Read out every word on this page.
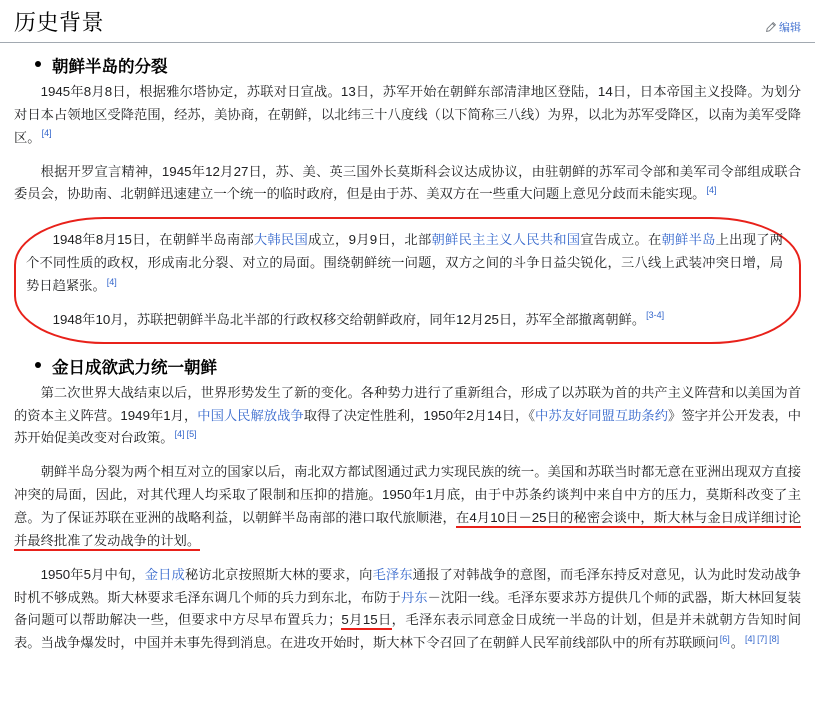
历史背景	编辑
朝鲜半岛的分裂

1945年8月8日，根据雅尔塔协定，苏联对日宣战。13日，苏军开始在朝鲜东部清津地区登陆，14日，日本帝国主义投降。为划分对日本占领地区受降范围，经苏，美协商，在朝鲜，以北纬三十八度线（以下简称三八线）为界，以北为苏军受降区，以南为美军受降区。[4]

根据开罗宣言精神，1945年12月27日，苏、美、英三国外长莫斯科会议达成协议，由驻朝鲜的苏军司令部和美军司令部组成联合委员会，协助南、北朝鲜迅速建立一个统一的临时政府，但是由于苏、美双方在一些重大问题上意见分歧而未能实现。[4]

1948年8月15日，在朝鲜半岛南部大韩民国成立，9月9日，北部朝鲜民主主义人民共和国宣告成立。在朝鲜半岛上出现了两个不同性质的政权，形成南北分裂、对立的局面。围绕朝鲜统一问题，双方之间的斗争日益尖锐化，三八线上武装冲突日增，局势日趋紧张。[4]

1948年10月，苏联把朝鲜半岛北半部的行政权移交给朝鲜政府，同年12月25日，苏军全部撤离朝鲜。[3-4]

金日成欲武力统一朝鲜

第二次世界大战结束以后，世界形势发生了新的变化。各种势力进行了重新组合，形成了以苏联为首的共产主义阵营和以美国为首的资本主义阵营。1949年1月，中国人民解放战争取得了决定性胜利，1950年2月14日，《中苏友好同盟互助条约》签字并公开发表，中苏开始促美改变对台政策。[4] [5]

朝鲜半岛分裂为两个相互对立的国家以后，南北双方都试图通过武力实现民族的统一。美国和苏联当时都无意在亚洲出现双方直接冲突的局面，因此，对其代理人均采取了限制和压抑的措施。1950年1月底，由于中苏条约谈判中来自中方的压力，莫斯科改变了主意。为了保证苏联在亚洲的战略利益，以朝鲜半岛南部的港口取代旅顺港，在4月10日－25日的秘密会谈中，斯大林与金日成详细讨论并最终批准了发动战争的计划。

1950年5月中旬，金日成秘访北京按照斯大林的要求，向毛泽东通报了对韩战争的意图，而毛泽东持反对意见，认为此时发动战争时机不够成熟。斯大林要求毛泽东调几个师的兵力到东北，布防于丹东－沈阳一线。毛泽东要求苏方提供几个师的武器，斯大林回复装备问题可以帮助解决一些，但要求中方尽早布置兵力；5月15日，毛泽东表示同意金日成统一半岛的计划，但是并未就朝方告知时间表。当战争爆发时，中国并未事先得到消息。在进攻开始时，斯大林下令召回了在朝鲜人民军前线部队中的所有苏联顾问[6]。[4] [7] [8]
